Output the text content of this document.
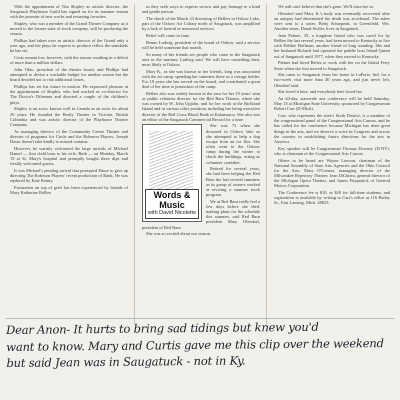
With the appointment of Tim Shipley as artistic director, the Saugatuck Playhouse Guild has signed on for its summer season with the promise of new works and returning favorites.

Shipley, who was a member of the Grand Theater Company as it moved to the former state of stock company, will be producing the season.

Phillips had taken over as artistic director of the Grand only a year ago, and the plays he expects to produce reflect the standards he has set.

Costs remain low, however, with the season resulting in a deficit of more than a million dollars.

John Ohio, president of the theater board, and Phillips had attempted to devise a workable budget for another season but the board decided not to risk additional losses.

Phillips has set his future in motion. He expressed pleasure at the appointment of Shipley, who had worked as co-director for The Doctor's Dilemma and directed a couple of the children's plays.

Shipley is an actor, known well in Canada as an actor for about 20 years. He founded the Bertly Theater in Victoria, British Columbia and was artistic director of the Playhouse Theater Company.

As managing director of the Community Center Theater and director of programs for Circle and the Robeson Players, Joseph Dasse doesn't take kindly to missed curtains.

However, he warmly welcomed the large arrivals of Michael Daniel — first child born to his wife, Ruth — on Monday, March 19 at St. Mary's hospital and promptly bought three dips and freshly welcomed guests.

It was Michael's pending arrival that prompted Dasse to give up directing The Robeson Players' recent production of Rank. He was replaced by Kate Kenny.

Frustration on top of grief has been experienced by friends of Mary Katherine Bellies

as they seek ways to express sorrow and pay homage to a kind and gentle person.

The shock of the March 23 drowning of Bellies in Oxbow Lake, part of the Oxbow Art Colony north of Saugatuck, was amplified by a lack of funeral or memorial services.

Relief will come in June.

Benno Ludwig, president of the board of Oxbow, said a service will be held sometime that month.

So many of her friends are people who come to the Saugatuck area in the summer, Ludwig said. We will have something then, most likely at Oxbow.

Mary K., as she was known to her friends, long was associated with the art camp, spending her summers there as a cottage holder. For 18 years she has served on the board, and contributed a great deal of her time to promotion of the camp.

Bellies also was widely known in the area for her 10 years' stint as public relations director for the Red Barn Theater, where she was owned by W. John Upjohn, and for her work at the Richland Island and in various other positions including her being executive director of the Red Cross Blood Bank in Kalamazoo. She also was an editor of the Saugatuck Commercial Record for a time.

Words & Music
with David Nicolette

She was 73 when she drowned in Oxbow lake as she attempted to help a dog escape from an ice floe. She often went to the Oxbow camp during the winter to check the buildings, acting as volunteer caretaker.

Retired for several years, she had been helping the Red Barn the last several summers as its group of owners worked at reviving a summer stock program.

We at Red Barn really feel a few days before she died, making plans for the schedule this summer, said Red Barn president Mary Olendorf, president of Red Barn.

She was so excited about our season.

We still can't believe that she's gone. We'll miss her so.

Olendorf said Mary K.'s body was eventually recovered after an autopsy had determined the death was accidental. The ashes were sent to a sister, Betty Scharpenk, in Greenfield, Wis. Another sister, Donal Swiler, lives in Saugatuck.

Jean Palmer, 35, a longtime friend who was cared for by Bellies the last several years, had been moved to Kentucky to live with Debbie Hoffman, another friend of long standing. She and her husband Richard had operated the paddle boat Island Queen out of Saugatuck until 1977, when they moved to Kentucky.

Palmer had hired Bettes to work with her on the Island Ferry Store when she first moved to Saugatuck.

She came to Saugatuck from her home in LaPorte, Ind. for a two-week visit more than 40 years ago, and just never left, Olendorf said.

She loved it here, and everybody here loved her.

An all-day, statewide arts conference will be held Saturday, May 13 at Michigan State University, sponsored by Congressman Robert Carr (D-Mich).

Carr, who represents the state's Sixth District, is a member of the congressional panel of the Congressional Arts Caucus, and he has called for the conference because Michigan has done great things in the arts, and we deserve a voice in Congress and across the country in establishing future directions for the arts in America.

Key speaker will be Congressman Thomas Downey (D-NY), who is chairman of the Congressional Arts Caucus.

Others to be heard are Wayne Lawson, chairman of the National Assembly of State Arts Agencies and the Ohio Council for the Arts; Mary O'Connor, managing director of the Milwaukee Repertory Theater; Jean DiChiera, general director of the Michigan Opera Theater, and James Fitzpatrick of General Motors Corporation.

The Conference fee is $10, or $18 for full-time students, and registration is available by writing to Carr's office at 116 Bailey St., East Lansing, Mich. 48823.

Dear Anon- It hurts to bring sad tidings but knew you'd
want to know. Mary and Curtis gave me this clip over the weekend
but said Jean was in Saugatuck - not in Ky.
